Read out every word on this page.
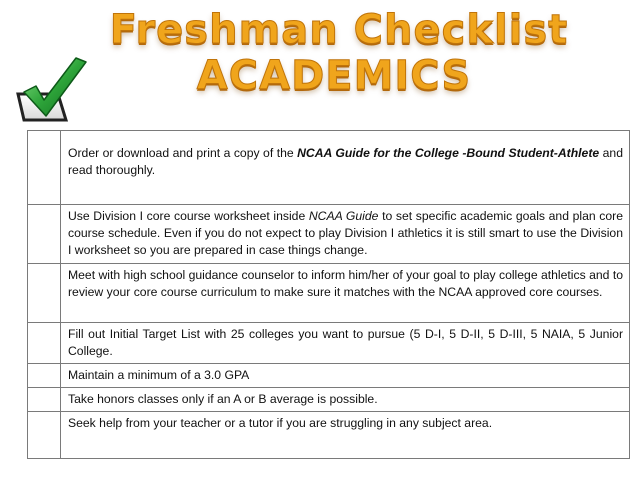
Freshman Checklist
ACADEMICS
	Order or download and print a copy of the NCAA Guide for the College -Bound Student-Athlete and read thoroughly.
	Use Division I core course worksheet inside NCAA Guide to set specific academic goals and plan core course schedule. Even if you do not expect to play Division I athletics it is still smart to use the Division I worksheet so you are prepared in case things change.
	Meet with high school guidance counselor to inform him/her of your goal to play college athletics and to review your core course curriculum to make sure it matches with the NCAA approved core courses.
	Fill out Initial Target List with 25 colleges you want to pursue (5 D-I, 5 D-II, 5 D-III, 5 NAIA, 5 Junior College.
	Maintain a minimum of a 3.0 GPA
	Take honors classes only if an A or B average is possible.
	Seek help from your teacher or a tutor if you are struggling in any subject area.
